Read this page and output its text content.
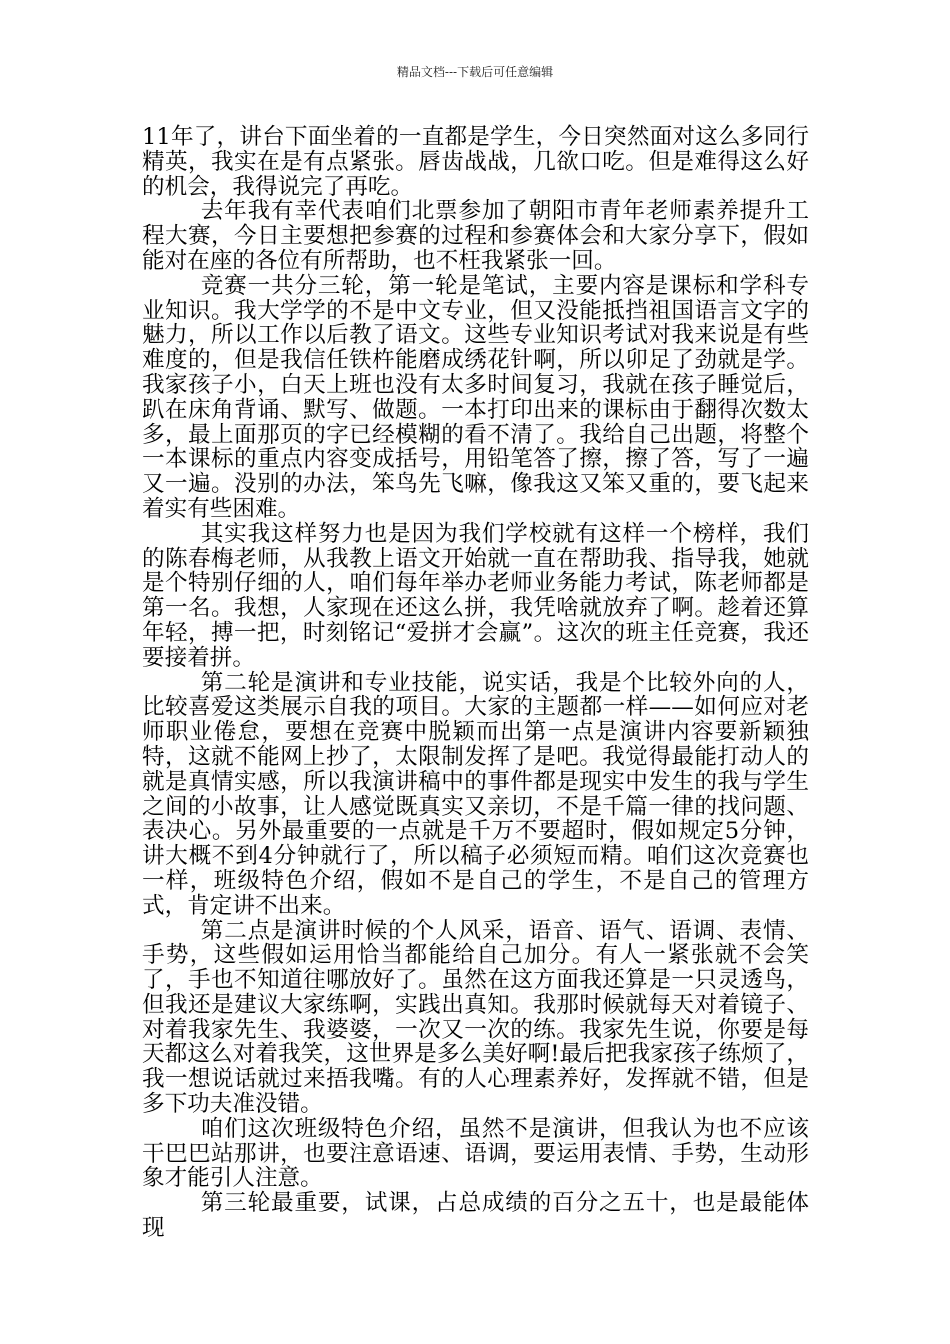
精品文档---下载后可任意编辑

11年了，讲台下面坐着的一直都是学生，今日突然面对这么多同行精英，我实在是有点紧张。唇齿战战，几欲口吃。但是难得这么好的机会，我得说完了再吃。

去年我有幸代表咱们北票参加了朝阳市青年老师素养提升工程大赛，今日主要想把参赛的过程和参赛体会和大家分享下，假如能对在座的各位有所帮助，也不枉我紧张一回。

竞赛一共分三轮，第一轮是笔试，主要内容是课标和学科专业知识。我大学学的不是中文专业，但又没能抵挡祖国语言文字的魅力，所以工作以后教了语文。这些专业知识考试对我来说是有些难度的，但是我信任铁杵能磨成绣花针啊，所以卯足了劲就是学。我家孩子小，白天上班也没有太多时间复习，我就在孩子睡觉后，趴在床角背诵、默写、做题。一本打印出来的课标由于翻得次数太多，最上面那页的字已经模糊的看不清了。我给自己出题，将整个一本课标的重点内容变成括号，用铅笔答了擦，擦了答，写了一遍又一遍。没别的办法，笨鸟先飞嘛，像我这又笨又重的，要飞起来着实有些困难。

其实我这样努力也是因为我们学校就有这样一个榜样，我们的陈春梅老师，从我教上语文开始就一直在帮助我、指导我，她就是个特别仔细的人，咱们每年举办老师业务能力考试，陈老师都是第一名。我想，人家现在还这么拼，我凭啥就放弃了啊。趁着还算年轻，搏一把，时刻铭记“爱拼才会赢”。这次的班主任竞赛，我还要接着拼。

第二轮是演讲和专业技能，说实话，我是个比较外向的人，比较喜爱这类展示自我的项目。大家的主题都一样——如何应对老师职业倦怠，要想在竞赛中脱颖而出第一点是演讲内容要新颖独特，这就不能网上抄了，太限制发挥了是吧。我觉得最能打动人的就是真情实感，所以我演讲稿中的事件都是现实中发生的我与学生之间的小故事，让人感觉既真实又亲切，不是千篇一律的找问题、表决心。另外最重要的一点就是千万不要超时，假如规定5分钟，讲大概不到4分钟就行了，所以稿子必须短而精。咱们这次竞赛也一样，班级特色介绍，假如不是自己的学生，不是自己的管理方式，肯定讲不出来。

第二点是演讲时候的个人风采，语音、语气、语调、表情、手势，这些假如运用恰当都能给自己加分。有人一紧张就不会笑了，手也不知道往哪放好了。虽然在这方面我还算是一只灵透鸟，但我还是建议大家练啊，实践出真知。我那时候就每天对着镜子、对着我家先生、我婆婆，一次又一次的练。我家先生说，你要是每天都这么对着我笑，这世界是多么美好啊!最后把我家孩子练烦了，我一想说话就过来捂我嘴。有的人心理素养好，发挥就不错，但是多下功夫准没错。

咱们这次班级特色介绍，虽然不是演讲，但我认为也不应该干巴巴站那讲，也要注意语速、语调，要运用表情、手势，生动形象才能引人注意。

第三轮最重要，试课，占总成绩的百分之五十，也是最能体现
